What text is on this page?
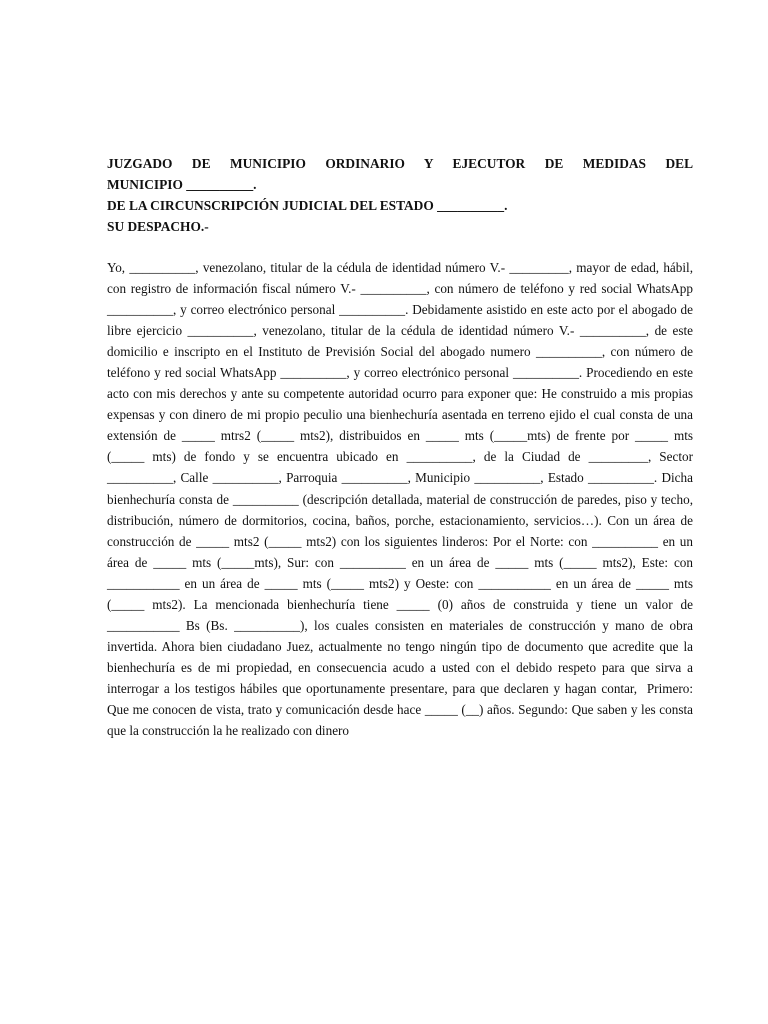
JUZGADO DE MUNICIPIO ORDINARIO Y EJECUTOR DE MEDIDAS DEL
MUNICIPIO __________.
DE LA CIRCUNSCRIPCIÓN JUDICIAL DEL ESTADO __________.
SU DESPACHO.-

Yo, __________, venezolano, titular de la cédula de identidad número V.- _________, mayor de edad, hábil, con registro de información fiscal número V.- __________, con número de teléfono y red social WhatsApp __________, y correo electrónico personal __________. Debidamente asistido en este acto por el abogado de libre ejercicio __________, venezolano, titular de la cédula de identidad número V.- __________, de este domicilio e inscripto en el Instituto de Previsión Social del abogado numero __________, con número de teléfono y red social WhatsApp __________, y correo electrónico personal __________. Procediendo en este acto con mis derechos y ante su competente autoridad ocurro para exponer que: He construido a mis propias expensas y con dinero de mi propio peculio una bienhechuría asentada en terreno ejido el cual consta de una extensión de _____ mtrs2 (_____ mts2), distribuidos en _____ mts (_____mts) de frente por _____ mts (_____ mts) de fondo y se encuentra ubicado en __________, de la Ciudad de _________, Sector __________, Calle __________, Parroquia __________, Municipio __________, Estado __________. Dicha bienhechuría consta de __________ (descripción detallada, material de construcción de paredes, piso y techo, distribución, número de dormitorios, cocina, baños, porche, estacionamiento, servicios…). Con un área de construcción de _____ mts2 (_____ mts2) con los siguientes linderos: Por el Norte: con __________ en un área de _____ mts (_____mts), Sur: con __________ en un área de _____ mts (_____ mts2), Este: con ___________ en un área de _____ mts (_____ mts2) y Oeste: con ___________ en un área de _____ mts (_____ mts2). La mencionada bienhechuría tiene _____ (0) años de construida y tiene un valor de ___________ Bs (Bs. __________), los cuales consisten en materiales de construcción y mano de obra invertida. Ahora bien ciudadano Juez, actualmente no tengo ningún tipo de documento que acredite que la bienhechuría es de mi propiedad, en consecuencia acudo a usted con el debido respeto para que sirva a interrogar a los testigos hábiles que oportunamente presentare, para que declaren y hagan contar,  Primero: Que me conocen de vista, trato y comunicación desde hace _____ (__) años. Segundo: Que saben y les consta que la construcción la he realizado con dinero
